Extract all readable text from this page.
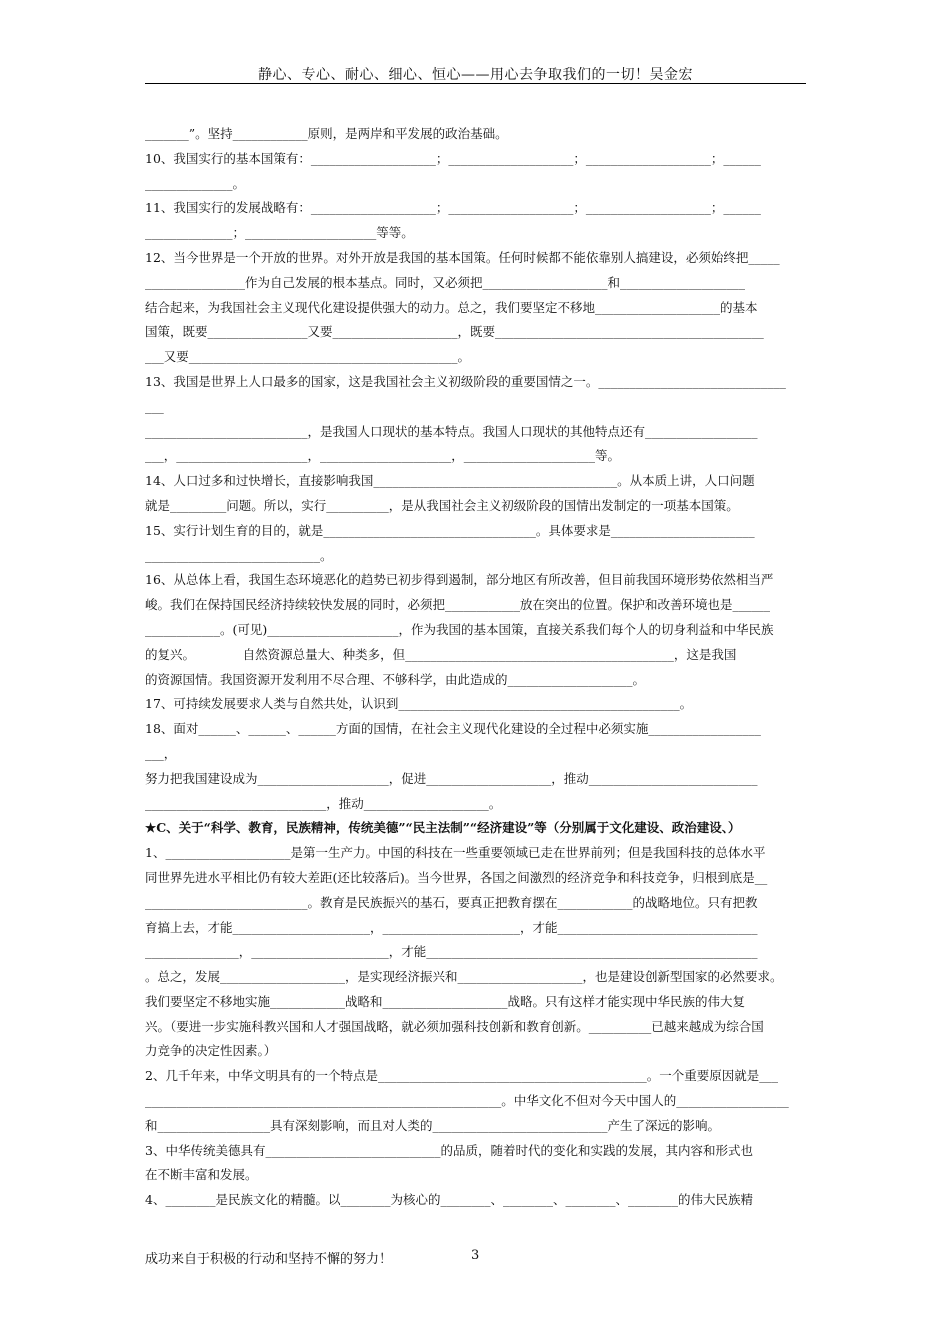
静心、专心、耐心、细心、恒心——用心去争取我们的一切！吴金宏
_______”。坚持____________原则，是两岸和平发展的政治基础。
10、我国实行的基本国策有：____________________；____________________；____________________；______
______________。
11、我国实行的发展战略有：____________________；____________________；____________________；______
______________；_____________________等等。
12、当今世界是一个开放的世界。对外开放是我国的基本国策。任何时候都不能依靠别人搞建设，必须始终把_____
________________作为自己发展的根本基点。同时，又必须把____________________和____________________
结合起来，为我国社会主义现代化建设提供强大的动力。总之，我们要坚定不移地____________________的基本
国策，既要________________又要____________________，既要___________________________________________
___又要___________________________________________。
13、我国是世界上人口最多的国家，这是我国社会主义初级阶段的重要国情之一。______________________________
___
__________________________，是我国人口现状的基本特点。我国人口现状的其他特点还有__________________
___，_____________________，_____________________，_____________________等。
14、人口过多和过快增长，直接影响我国_______________________________________。从本质上讲，人口问题
就是_________问题。所以，实行__________，是从我国社会主义初级阶段的国情出发制定的一项基本国策。
15、实行计划生育的目的，就是__________________________________。具体要求是_______________________
____________________________。
16、从总体上看，我国生态环境恶化的趋势已初步得到遏制，部分地区有所改善，但目前我国环境形势依然相当严
峻。我们在保持国民经济持续较快发展的同时，必须把____________放在突出的位置。保护和改善环境也是______
____________。(可见)_____________________，作为我国的基本国策，直接关系我们每个人的切身利益和中华民族
的复兴。            自然资源总量大、种类多，但___________________________________________，这是我国
的资源国情。我国资源开发利用不尽合理、不够科学，由此造成的____________________。
17、可持续发展要求人类与自然共处，认识到_____________________________________________。
18、面对______、______、______方面的国情，在社会主义现代化建设的全过程中必须实施__________________
___，
努力把我国建设成为_____________________，促进____________________，推动___________________________
_____________________________，推动____________________。
★C、关于“科学、教育，民族精神，传统美德”“民主法制”“经济建设”等（分别属于文化建设、政治建设、）
1、____________________是第一生产力。中国的科技在一些重要领域已走在世界前列；但是我国科技的总体水平
同世界先进水平相比仍有较大差距(还比较落后)。当今世界，各国之间激烈的经济竞争和科技竞争，归根到底是__
__________________________。教育是民族振兴的基石，要真正把教育摆在____________的战略地位。只有把教
育搞上去，才能______________________，______________________，才能________________________________
_______________，______________________，才能_____________________________________________________
。总之，发展____________________，是实现经济振兴和____________________，也是建设创新型国家的必然要求。
我们要坚定不移地实施____________战略和____________________战略。只有这样才能实现中华民族的伟大复
兴。（要进一步实施科教兴国和人才强国战略，就必须加强科技创新和教育创新。__________已越来越成为综合国
力竞争的决定性因素。）
2、几千年来，中华文明具有的一个特点是___________________________________________。一个重要原因就是___
_________________________________________________________。中华文化不但对今天中国人的__________________
和__________________具有深刻影响，而且对人类的____________________________产生了深远的影响。
3、中华传统美德具有____________________________的品质，随着时代的变化和实践的发展，其内容和形式也
在不断丰富和发展。
4、________是民族文化的精髓。以________为核心的________、________、________、________的伟大民族精
成功来自于积极的行动和坚持不懈的努力！	3
